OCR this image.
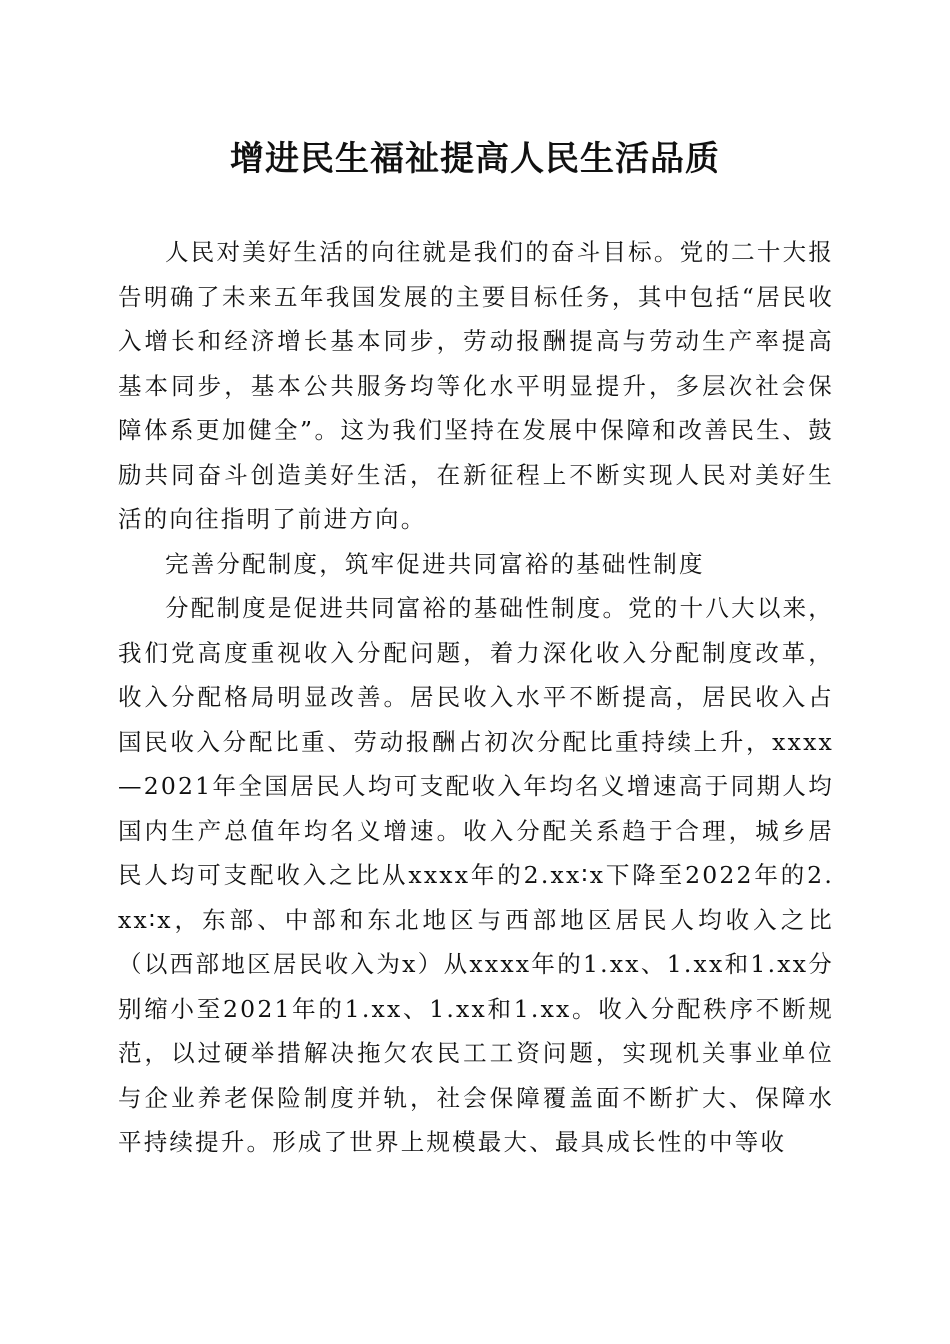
增进民生福祉提高人民生活品质

人民对美好生活的向往就是我们的奋斗目标。党的二十大报告明确了未来五年我国发展的主要目标任务，其中包括“居民收入增长和经济增长基本同步，劳动报酬提高与劳动生产率提高基本同步，基本公共服务均等化水平明显提升，多层次社会保障体系更加健全”。这为我们坚持在发展中保障和改善民生、鼓励共同奋斗创造美好生活，在新征程上不断实现人民对美好生活的向往指明了前进方向。

完善分配制度，筑牢促进共同富裕的基础性制度

分配制度是促进共同富裕的基础性制度。党的十八大以来，我们党高度重视收入分配问题，着力深化收入分配制度改革，收入分配格局明显改善。居民收入水平不断提高，居民收入占国民收入分配比重、劳动报酬占初次分配比重持续上升，xxxx—2021年全国居民人均可支配收入年均名义增速高于同期人均国内生产总值年均名义增速。收入分配关系趋于合理，城乡居民人均可支配收入之比从xxxx年的2.xx∶x下降至2022年的2.xx∶x，东部、中部和东北地区与西部地区居民人均收入之比（以西部地区居民收入为x）从xxxx年的1.xx、1.xx和1.xx分别缩小至2021年的1.xx、1.xx和1.xx。收入分配秩序不断规范，以过硬举措解决拖欠农民工工资问题，实现机关事业单位与企业养老保险制度并轨，社会保障覆盖面不断扩大、保障水平持续提升。形成了世界上规模最大、最具成长性的中等收
